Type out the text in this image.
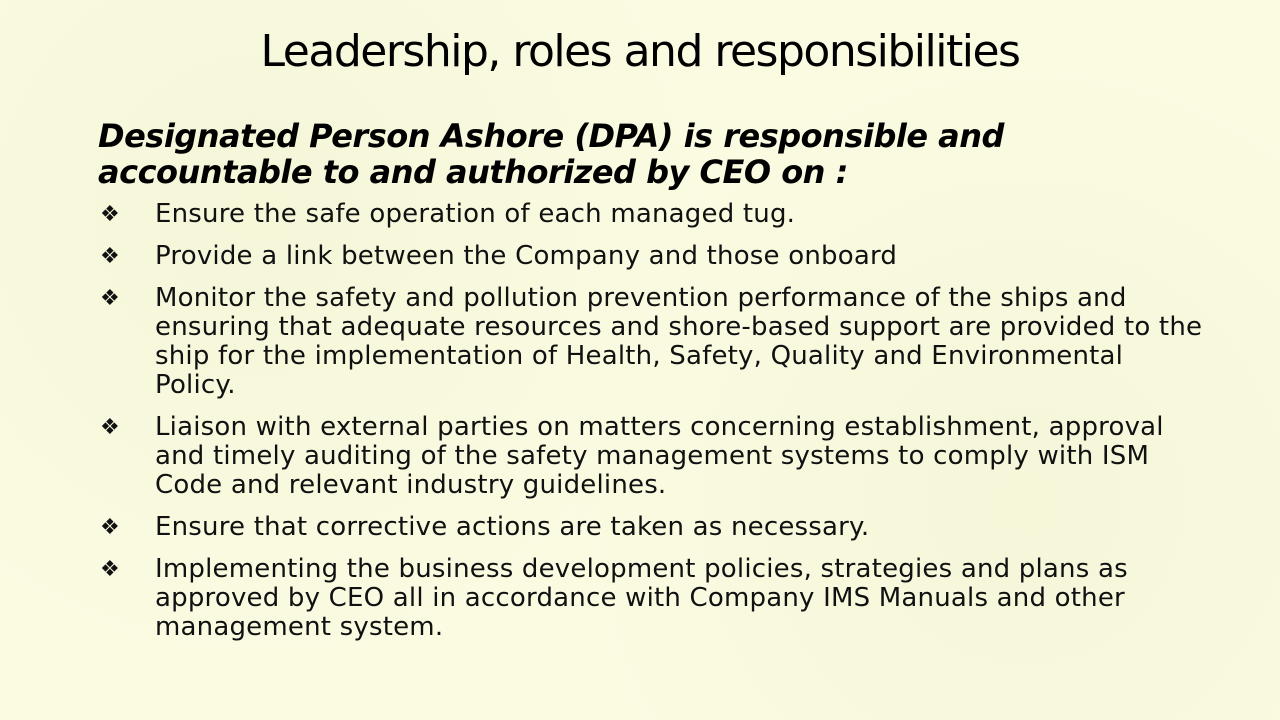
Leadership, roles and responsibilities
Designated Person Ashore (DPA) is responsible and accountable to and authorized by CEO on :
❖	Ensure the safe operation of each managed tug.
❖	Provide a link between the Company and those onboard
❖	Monitor the safety and pollution prevention performance of the ships and ensuring that adequate resources and shore-based support are provided to the ship for the implementation of Health, Safety, Quality and Environmental Policy.
❖	Liaison with external parties on matters concerning establishment, approval and timely auditing of the safety management systems to comply with ISM Code and relevant industry guidelines.
❖	Ensure that corrective actions are taken as necessary.
❖	Implementing the business development policies, strategies and plans as approved by CEO all in accordance with Company IMS Manuals and other management system.
